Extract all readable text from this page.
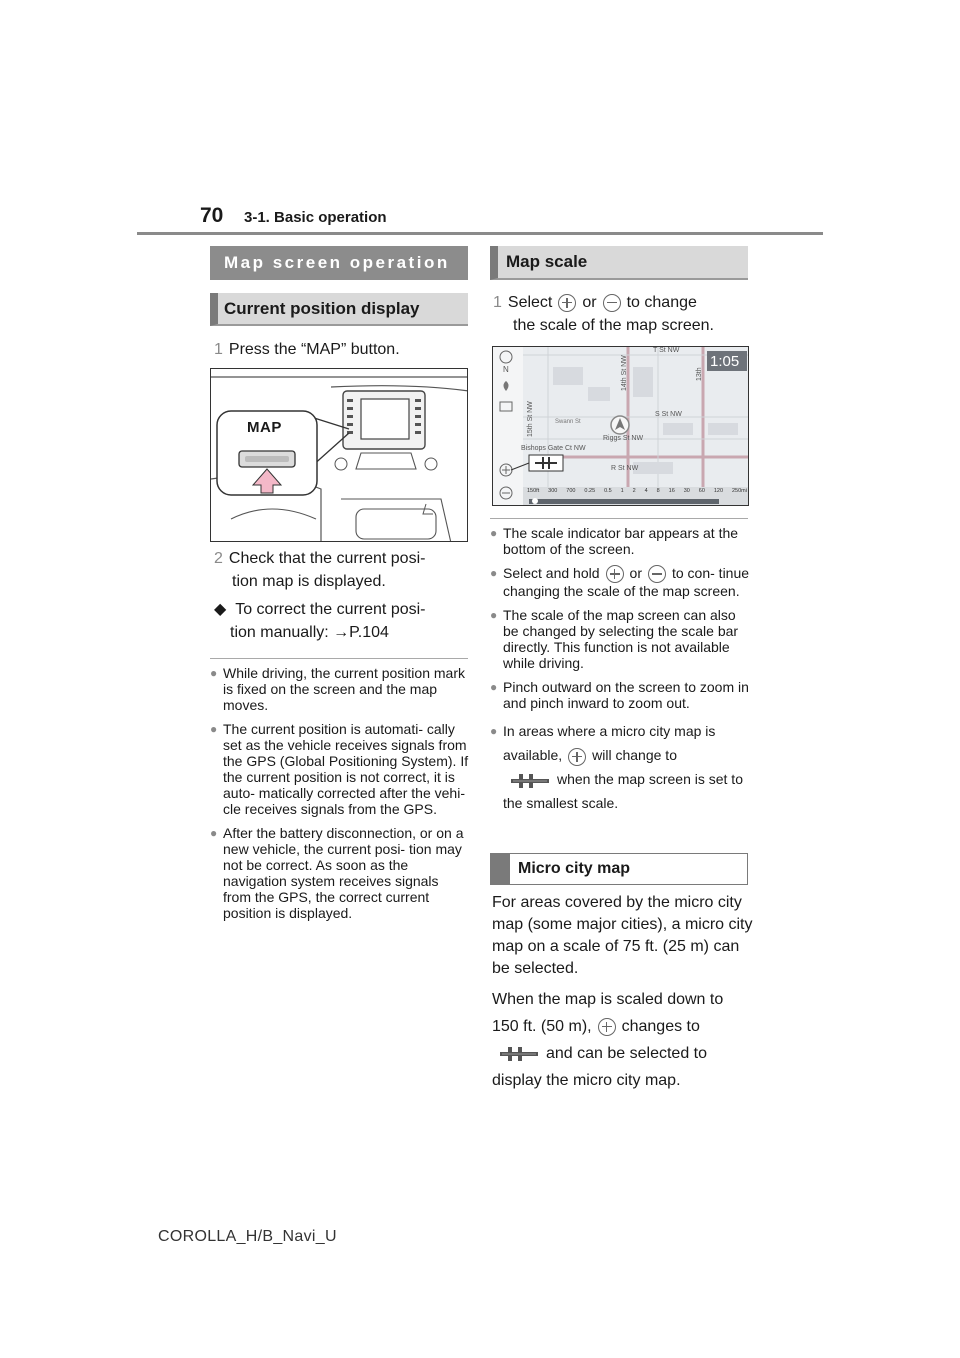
70 3-1. Basic operation
Map screen operation
Current position display
1 Press the “MAP” button.
MAP
2 Check that the current posi-
tion map is displayed.
◆  To correct the current posi-
tion manually: →P.104
● While driving, the current position mark is fixed on the screen and the map moves.
● The current position is automati- cally set as the vehicle receives signals from the GPS (Global Positioning System). If the current position is not correct, it is auto- matically corrected after the vehi- cle receives signals from the GPS.
● After the battery disconnection, or on a new vehicle, the current posi- tion may not be correct. As soon as the navigation system receives signals from the GPS, the correct current position is displayed.
Map scale
1 Select or to change
the scale of the map screen.
N	1:05
T St NW
14th St NW	13th
S St NW
15th St NW
Riggs St NW
Bishops Gate Ct NW
R St NW
Swann St
150ft 300 700 0.25 0.5 1 2 4 8 16 30 60 120 250mi
● The scale indicator bar appears at the bottom of the screen.
● Select and hold or to con- tinue changing the scale of the map screen.
● The scale of the map screen can also be changed by selecting the scale bar directly. This function is not available while driving.
● Pinch outward on the screen to zoom in and pinch inward to zoom out.
● In areas where a micro city map is available, will change to
when the map screen is set to the smallest scale.
Micro city map
For areas covered by the micro city map (some major cities), a micro city map on a scale of 75 ft. (25 m) can be selected.
When the map is scaled down to
150 ft. (50 m), changes to
and can be selected to
display the micro city map.
COROLLA_H/B_Navi_U
